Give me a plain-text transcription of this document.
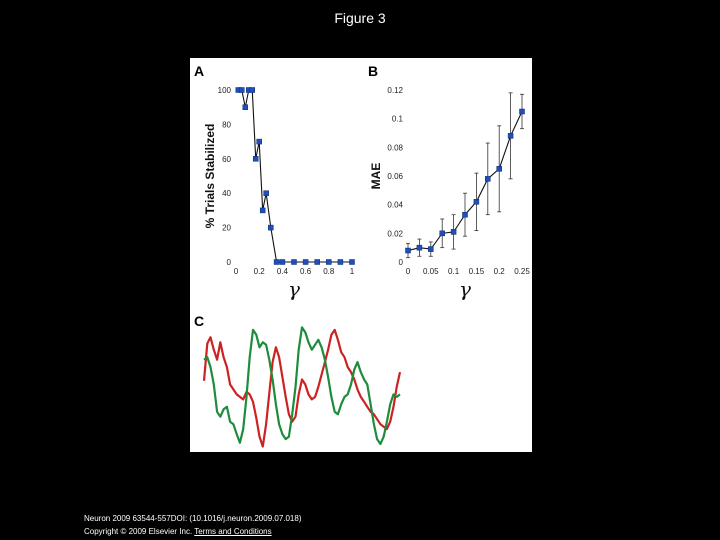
Figure 3
A	B
C
0
20
40
60
80
100
0 0.2 0.4 0.6 0.8 1
γ
% Trials Stabilized
0
0.02
0.04
0.06
0.08
0.1
0.12
0 0.05 0.1 0.15 0.2 0.25
γ
MAE
Neuron 2009 63544-557DOI: (10.1016/j.neuron.2009.07.018)
Copyright © 2009 Elsevier Inc. Terms and Conditions
